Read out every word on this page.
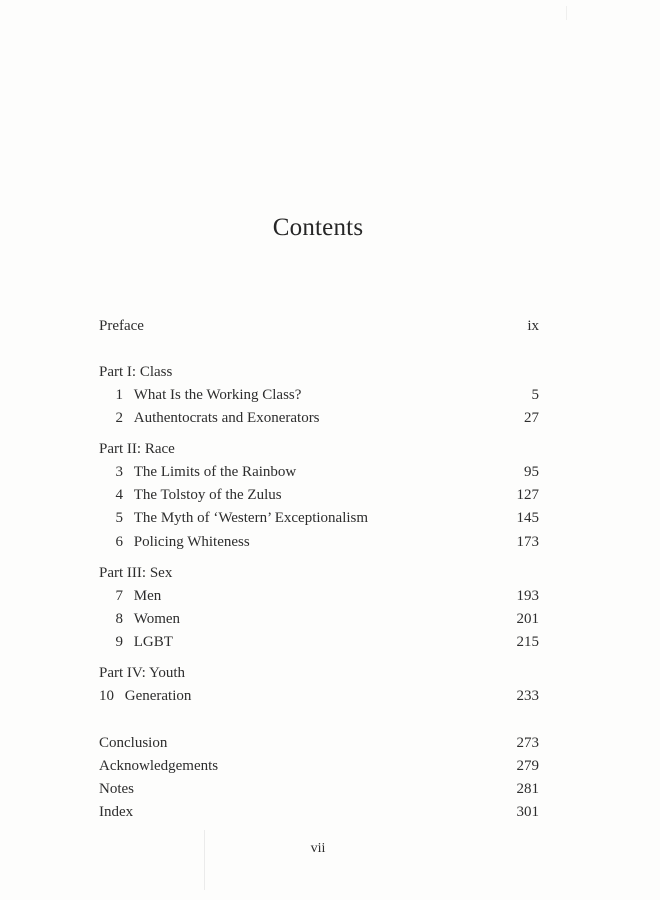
Contents
Preface	ix
Part I: Class
1 What Is the Working Class?	5
2 Authentocrats and Exonerators	27
Part II: Race
3 The Limits of the Rainbow	95
4 The Tolstoy of the Zulus	127
5 The Myth of ‘Western’ Exceptionalism	145
6 Policing Whiteness	173
Part III: Sex
7 Men	193
8 Women	201
9 LGBT	215
Part IV: Youth
10 Generation	233
Conclusion	273
Acknowledgements	279
Notes	281
Index	301
vii
